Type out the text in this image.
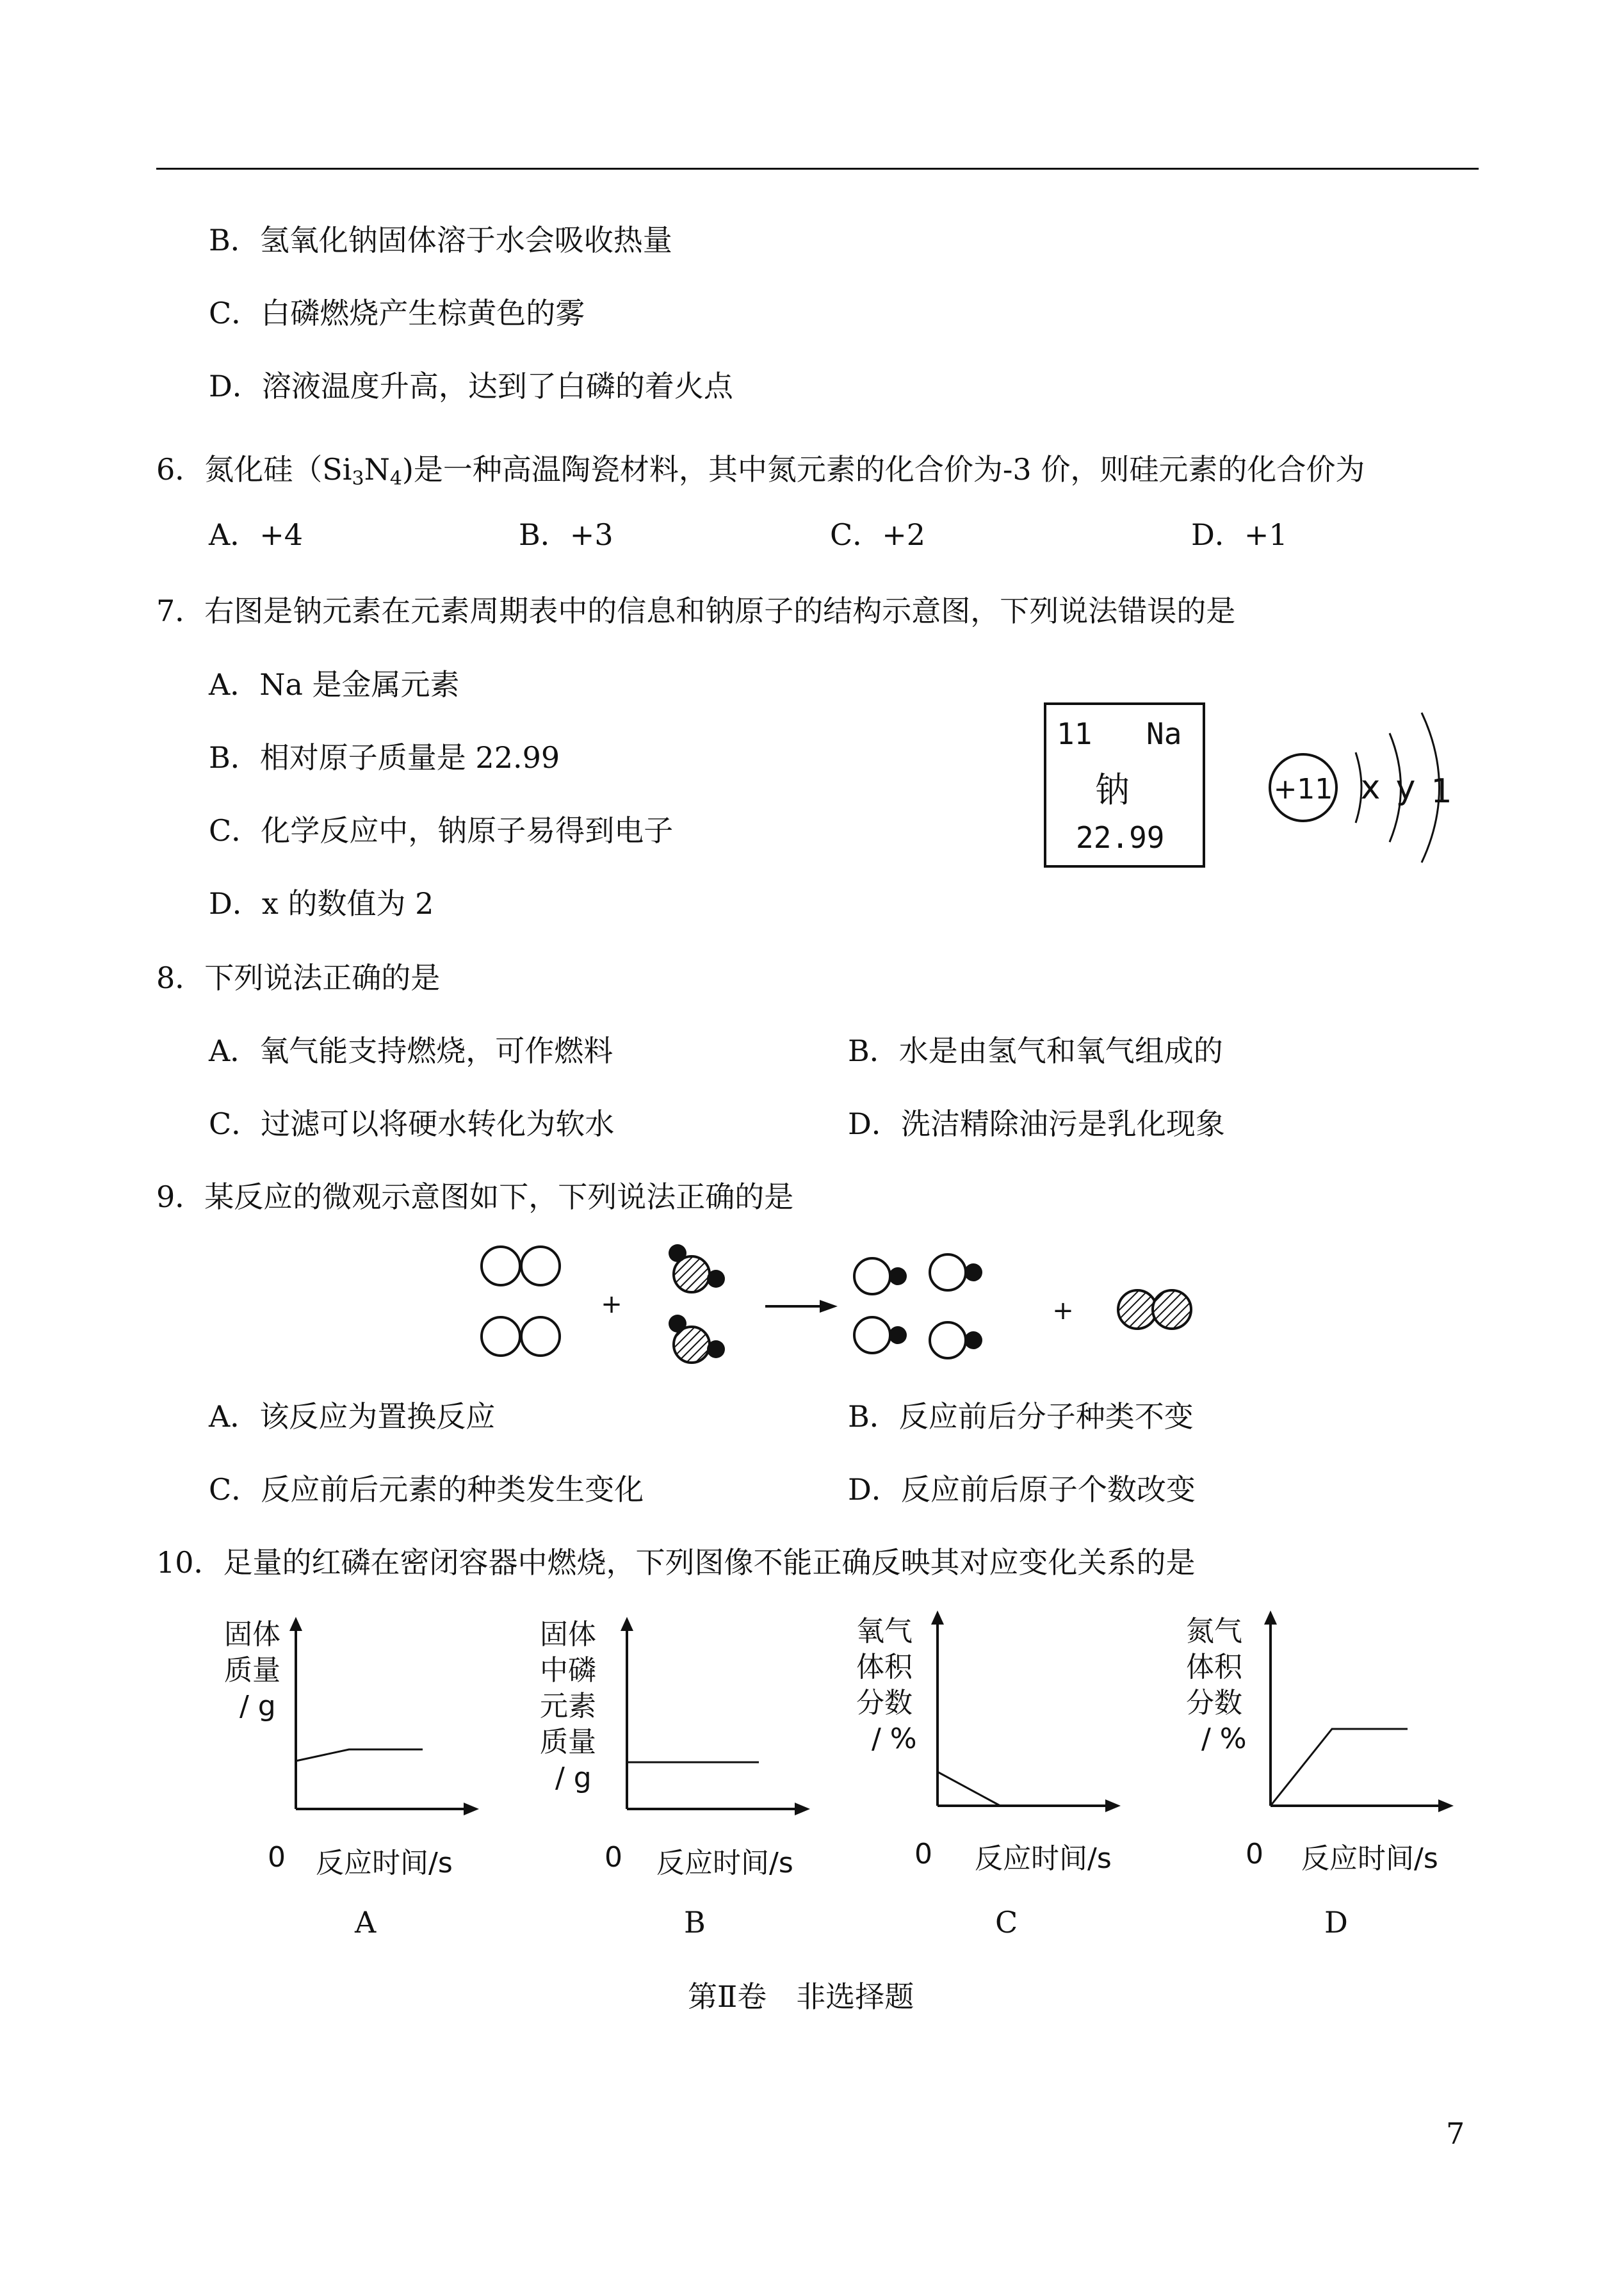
B．氢氧化钠固体溶于水会吸收热量
C．白磷燃烧产生棕黄色的雾
D．溶液温度升高，达到了白磷的着火点
6．氮化硅$(Si_3N_4)$是一种高温陶瓷材料，其中氮元素的化合价为-3 价，则硅元素的化合价为
A．+4	B．+3	C．+2	D．+1
7．右图是钠元素在元素周期表中的信息和钠原子的结构示意图，下列说法错误的是
A．Na 是金属元素
B．相对原子质量是 22.99
C．化学反应中，钠原子易得到电子
D．x 的数值为 2
11 Na
钠
22.99
+11 x y 1
8．下列说法正确的是
A．氧气能支持燃烧，可作燃料	B．水是由氢气和氧气组成的
C．过滤可以将硬水转化为软水	D．洗洁精除油污是乳化现象
9．某反应的微观示意图如下，下列说法正确的是
+	+
A．该反应为置换反应	B．反应前后分子种类不变
C．反应前后元素的种类发生变化	D．反应前后原子个数改变
10．足量的红磷在密闭容器中燃烧，下列图像不能正确反映其对应变化关系的是
固体
质量
/ g
0 反应时间/s
A
固体
中磷
元素
质量
/ g
0 反应时间/s
B
氧气
体积
分数
/ %
0 反应时间/s
C
氮气
体积
分数
/ %
0 反应时间/s
D
第Ⅱ卷　非选择题
7
